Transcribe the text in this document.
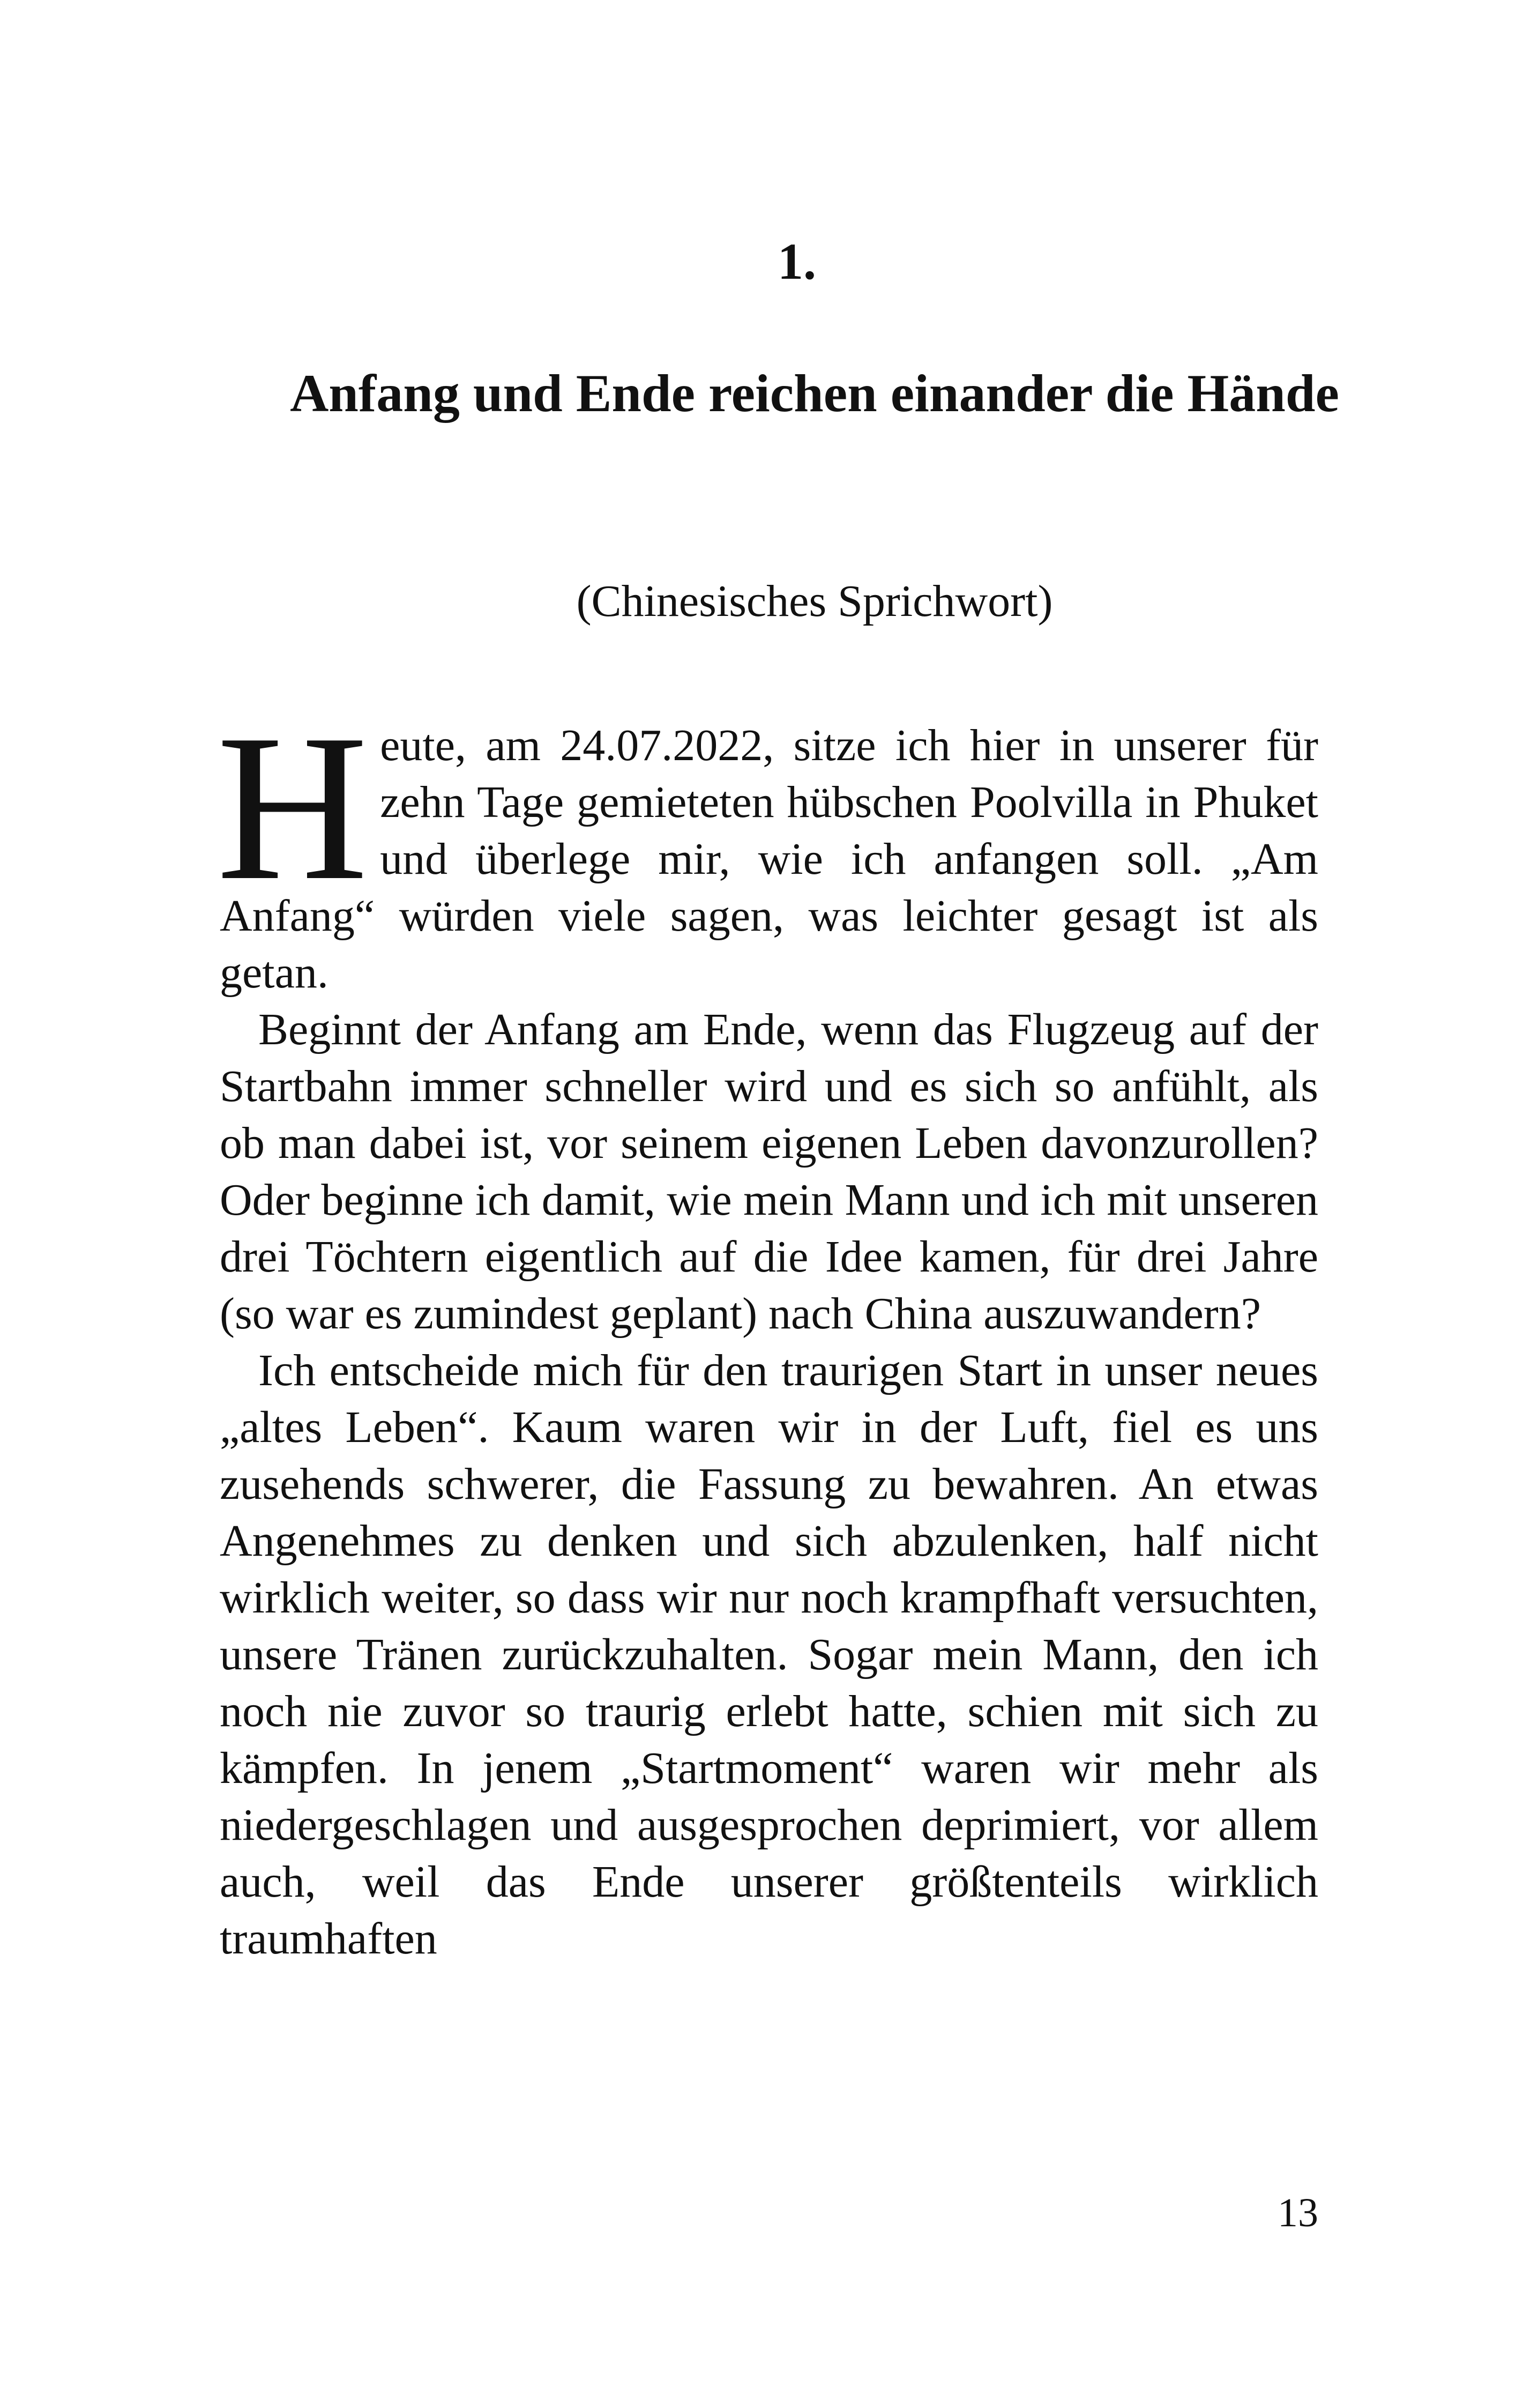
1.
Anfang und Ende reichen einander die Hände
(Chinesisches Sprichwort)

Heute, am 24.07.2022, sitze ich hier in unserer für zehn Tage gemieteten hübschen Poolvilla in Phuket und überlege mir, wie ich anfangen soll. „Am Anfang“ würden viele sagen, was leichter gesagt ist als getan.

Beginnt der Anfang am Ende, wenn das Flugzeug auf der Startbahn immer schneller wird und es sich so anfühlt, als ob man dabei ist, vor seinem eigenen Leben davonzurollen? Oder beginne ich damit, wie mein Mann und ich mit unseren drei Töchtern eigentlich auf die Idee kamen, für drei Jahre (so war es zumindest geplant) nach China auszuwandern?

Ich entscheide mich für den traurigen Start in unser neues „altes Leben“. Kaum waren wir in der Luft, fiel es uns zusehends schwerer, die Fassung zu bewahren. An etwas Angenehmes zu denken und sich abzulenken, half nicht wirklich weiter, so dass wir nur noch krampfhaft versuchten, unsere Tränen zurückzuhalten. Sogar mein Mann, den ich noch nie zuvor so traurig erlebt hatte, schien mit sich zu kämpfen. In jenem „Startmoment“ waren wir mehr als niedergeschlagen und ausgesprochen deprimiert, vor allem auch, weil das Ende unserer größtenteils wirklich traumhaften

13
